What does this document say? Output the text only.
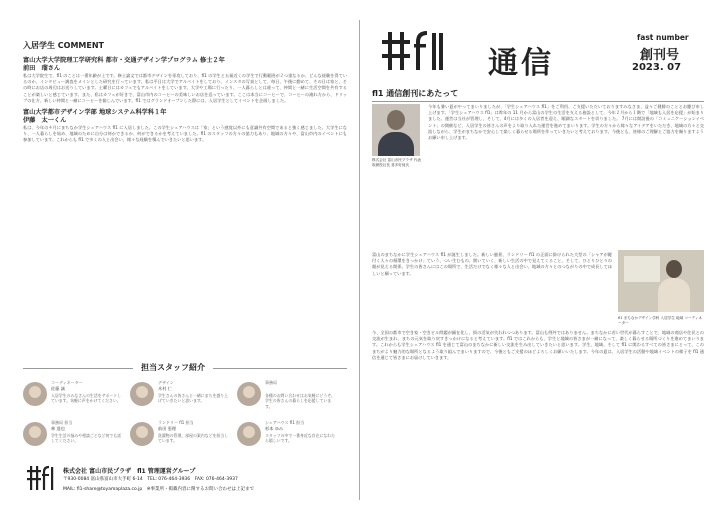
入居学生 COMMENT
富山大学大学院理工学研究科 都市・交通デザイン学プログラム 修士２年
前田　瑠さん
私は大学院生で、fl1 のことは一番年齢が上です。修士論文では都市デザインを専攻しており、fl1 の学生と五福近くの学生で行動範囲が２つ重なるか、どんな経験を得ているのか、インタビュー調査をメインとした研究を行っています。私は平日は大学でアルバイトをしており、インスタの写真として、毎日、午後に勤めて、その日は家と、その時にお店の周辺はお送りしています。土曜日にはカフェでもアルバイトをしています。大学や工場に行ったり、一人暮らしとは違って、仲間と一緒に生活空間を共有することが楽しいと感じています。また、私はカフェが好きで、富山市内のコーヒーの美味しいお店を巡っています。ここは本当にコーヒーで、コーヒーの淹れ方から、ドリップの仕方、新しい仲間と一緒にコーヒーを愉しんでいます。fl1 ではグランドオープンした際には、入居学生としてイベントを企画しました。
富山大学都市デザイン学部 地球システム科学科１年
伊藤　太一くん
私は、今年の４月にまちなか学生シェアハウス fl1 に入居しました。この学生シェアハウスは「家」という感覚以外にも意識共有空間であると強く感じました。大学生になり、一人暮らしを始め、地域のために自分は何かできるか、何ができるかを考えていました。fl1 のスタッフの方々の協力もあり、地域の方々や、富山市内のイベントにも参加しています。これからも fl1 で多くの人と出会い、様々な経験を積んでいきたいと思います。
担当スタッフ紹介
コーディネーター
佐藤 誠
入居学生のみなさんの生活をサポートしています。気軽に声をかけてください。
デザイン
木村 仁
学生さんの皆さんと一緒にまちを盛り上げていきたいと思います。
事務局
各種のお問い合わせはお気軽にどうぞ。学生の皆さんの暮らしを応援しています。
事務局 担当
林 達也
学生生活の悩みや相談ごとなど何でも話してください。
ランドリー fl1 担当
前田 恵理
洗濯物の管理、部屋の案内などを担当しています。
シェアハウス fl1 担当
杉本 ゆみ
スタッフの中で一番身近な存在になれたら嬉しいです。
株式会社 富山市民プラザ　fl1 管理運営グループ
〒930-0084 富山県富山市大手町 6-14　TEL: 076-464-3936　FAX: 076-464-3937
MAIL: fl1-share@toyamaplaza.co.jp　※事業所・掲載内容に関するお問い合わせは上記まで
通信
fast number
創刊号
2023. 07
fl1 通信創刊にあたって
株式会社 富山市民プラザ 代表取締役社長 喜多好純氏
今年も暑い夏がやってまいりましたが、「学生シェアハウス fl1」をご利用、ご支援いただいておりますみなさま、益々ご健勝のこととお慶び申し上げます。「学生シェアハウス fl1」は昨年の 11 月から富山の学生の生活を支える施設として、今年２月から１階で「地域も入居を応援」が始まりました。運営は当社が管理し、そして、4月には多くの入居者を迎え、順調なスタートを切りました。 7月には開設後の「コミュニケーションイベント」の開催など、入居学生の皆さんの声をより取り入れた運営を進めてまいります。学生の方々から様々なアイデアをいただき、地域の方々と交流しながら、学生がまちなかで安心して楽しく暮らせる場所を作っていきたいと考えております。今後とも、皆様のご理解とご協力を賜りますようお願い申し上げます。
富山のまちなかに学生シェアハウス fl1 が誕生しました。新しい風景、ランドリー fl1 の正面に掛けられた大型の「シャアが鍵付く人々の循環をきっかけ」ていう、つい生むもの、開いていく、新しい生活の中で見えてくること、そして、ひとりひとりの顔が見える関係。学生の皆さんにはこの場所で、生活だけでなく様々な人と出会い、地域の方々とのつながりの中で成長してほしいと願っています。
fl1 まちなかデザイン学科 入居学生 地域 コーディネーター
今、全国の都市で空き家・空きビル問題が顕在化し、街の活気が失われつつあります。富山も例外ではありません。まちなかに若い世代が暮らすことで、地域の商店や住民との交流が生まれ、まちの元気を取り戻すきっかけになると考えています。fl1 ではこれからも、学生と地域の皆さまが一緒になって、楽しく暮らせる場所づくりを進めてまいります。これからも学生シェアハウス fl1 を通じて富山のまちなかに新しい交流を生み出していきたいと思います。学生、地域、そして fl1 に関わるすべての皆さまにとって、このまちがより魅力的な場所となるよう取り組んでまいりますので、今後ともご支援のほどよろしくお願いいたします。今年の夏は、入居学生の活動や地域イベントの様子を fl1 通信を通じて皆さまにお届けしていきます。
